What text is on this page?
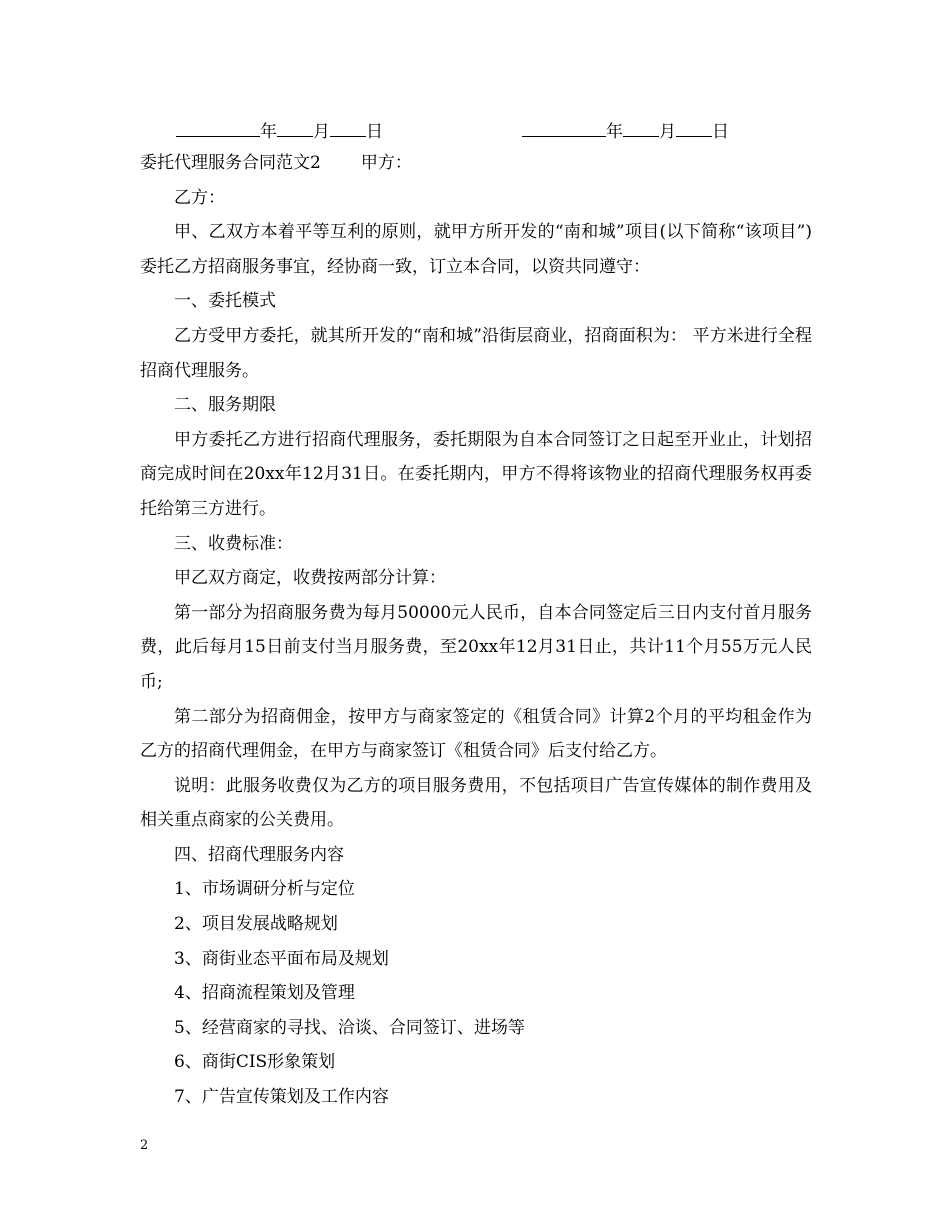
年 月 日	年 月 日

委托代理服务合同范文2 甲方：

乙方：

甲、乙双方本着平等互利的原则，就甲方所开发的“南和城”项目(以下简称“该项目”)委托乙方招商服务事宜，经协商一致，订立本合同，以资共同遵守：

一、委托模式

乙方受甲方委托，就其所开发的“南和城”沿街层商业，招商面积为： 平方米进行全程招商代理服务。

二、服务期限

甲方委托乙方进行招商代理服务，委托期限为自本合同签订之日起至开业止，计划招商完成时间在20xx年12月31日。在委托期内，甲方不得将该物业的招商代理服务权再委托给第三方进行。

三、收费标准：

甲乙双方商定，收费按两部分计算：

第一部分为招商服务费为每月50000元人民币，自本合同签定后三日内支付首月服务费，此后每月15日前支付当月服务费，至20xx年12月31日止，共计11个月55万元人民币;

第二部分为招商佣金，按甲方与商家签定的《租赁合同》计算2个月的平均租金作为乙方的招商代理佣金，在甲方与商家签订《租赁合同》后支付给乙方。

说明：此服务收费仅为乙方的项目服务费用，不包括项目广告宣传媒体的制作费用及相关重点商家的公关费用。

四、招商代理服务内容

1、市场调研分析与定位

2、项目发展战略规划

3、商街业态平面布局及规划

4、招商流程策划及管理

5、经营商家的寻找、洽谈、合同签订、进场等

6、商街CIS形象策划

7、广告宣传策划及工作内容

2
